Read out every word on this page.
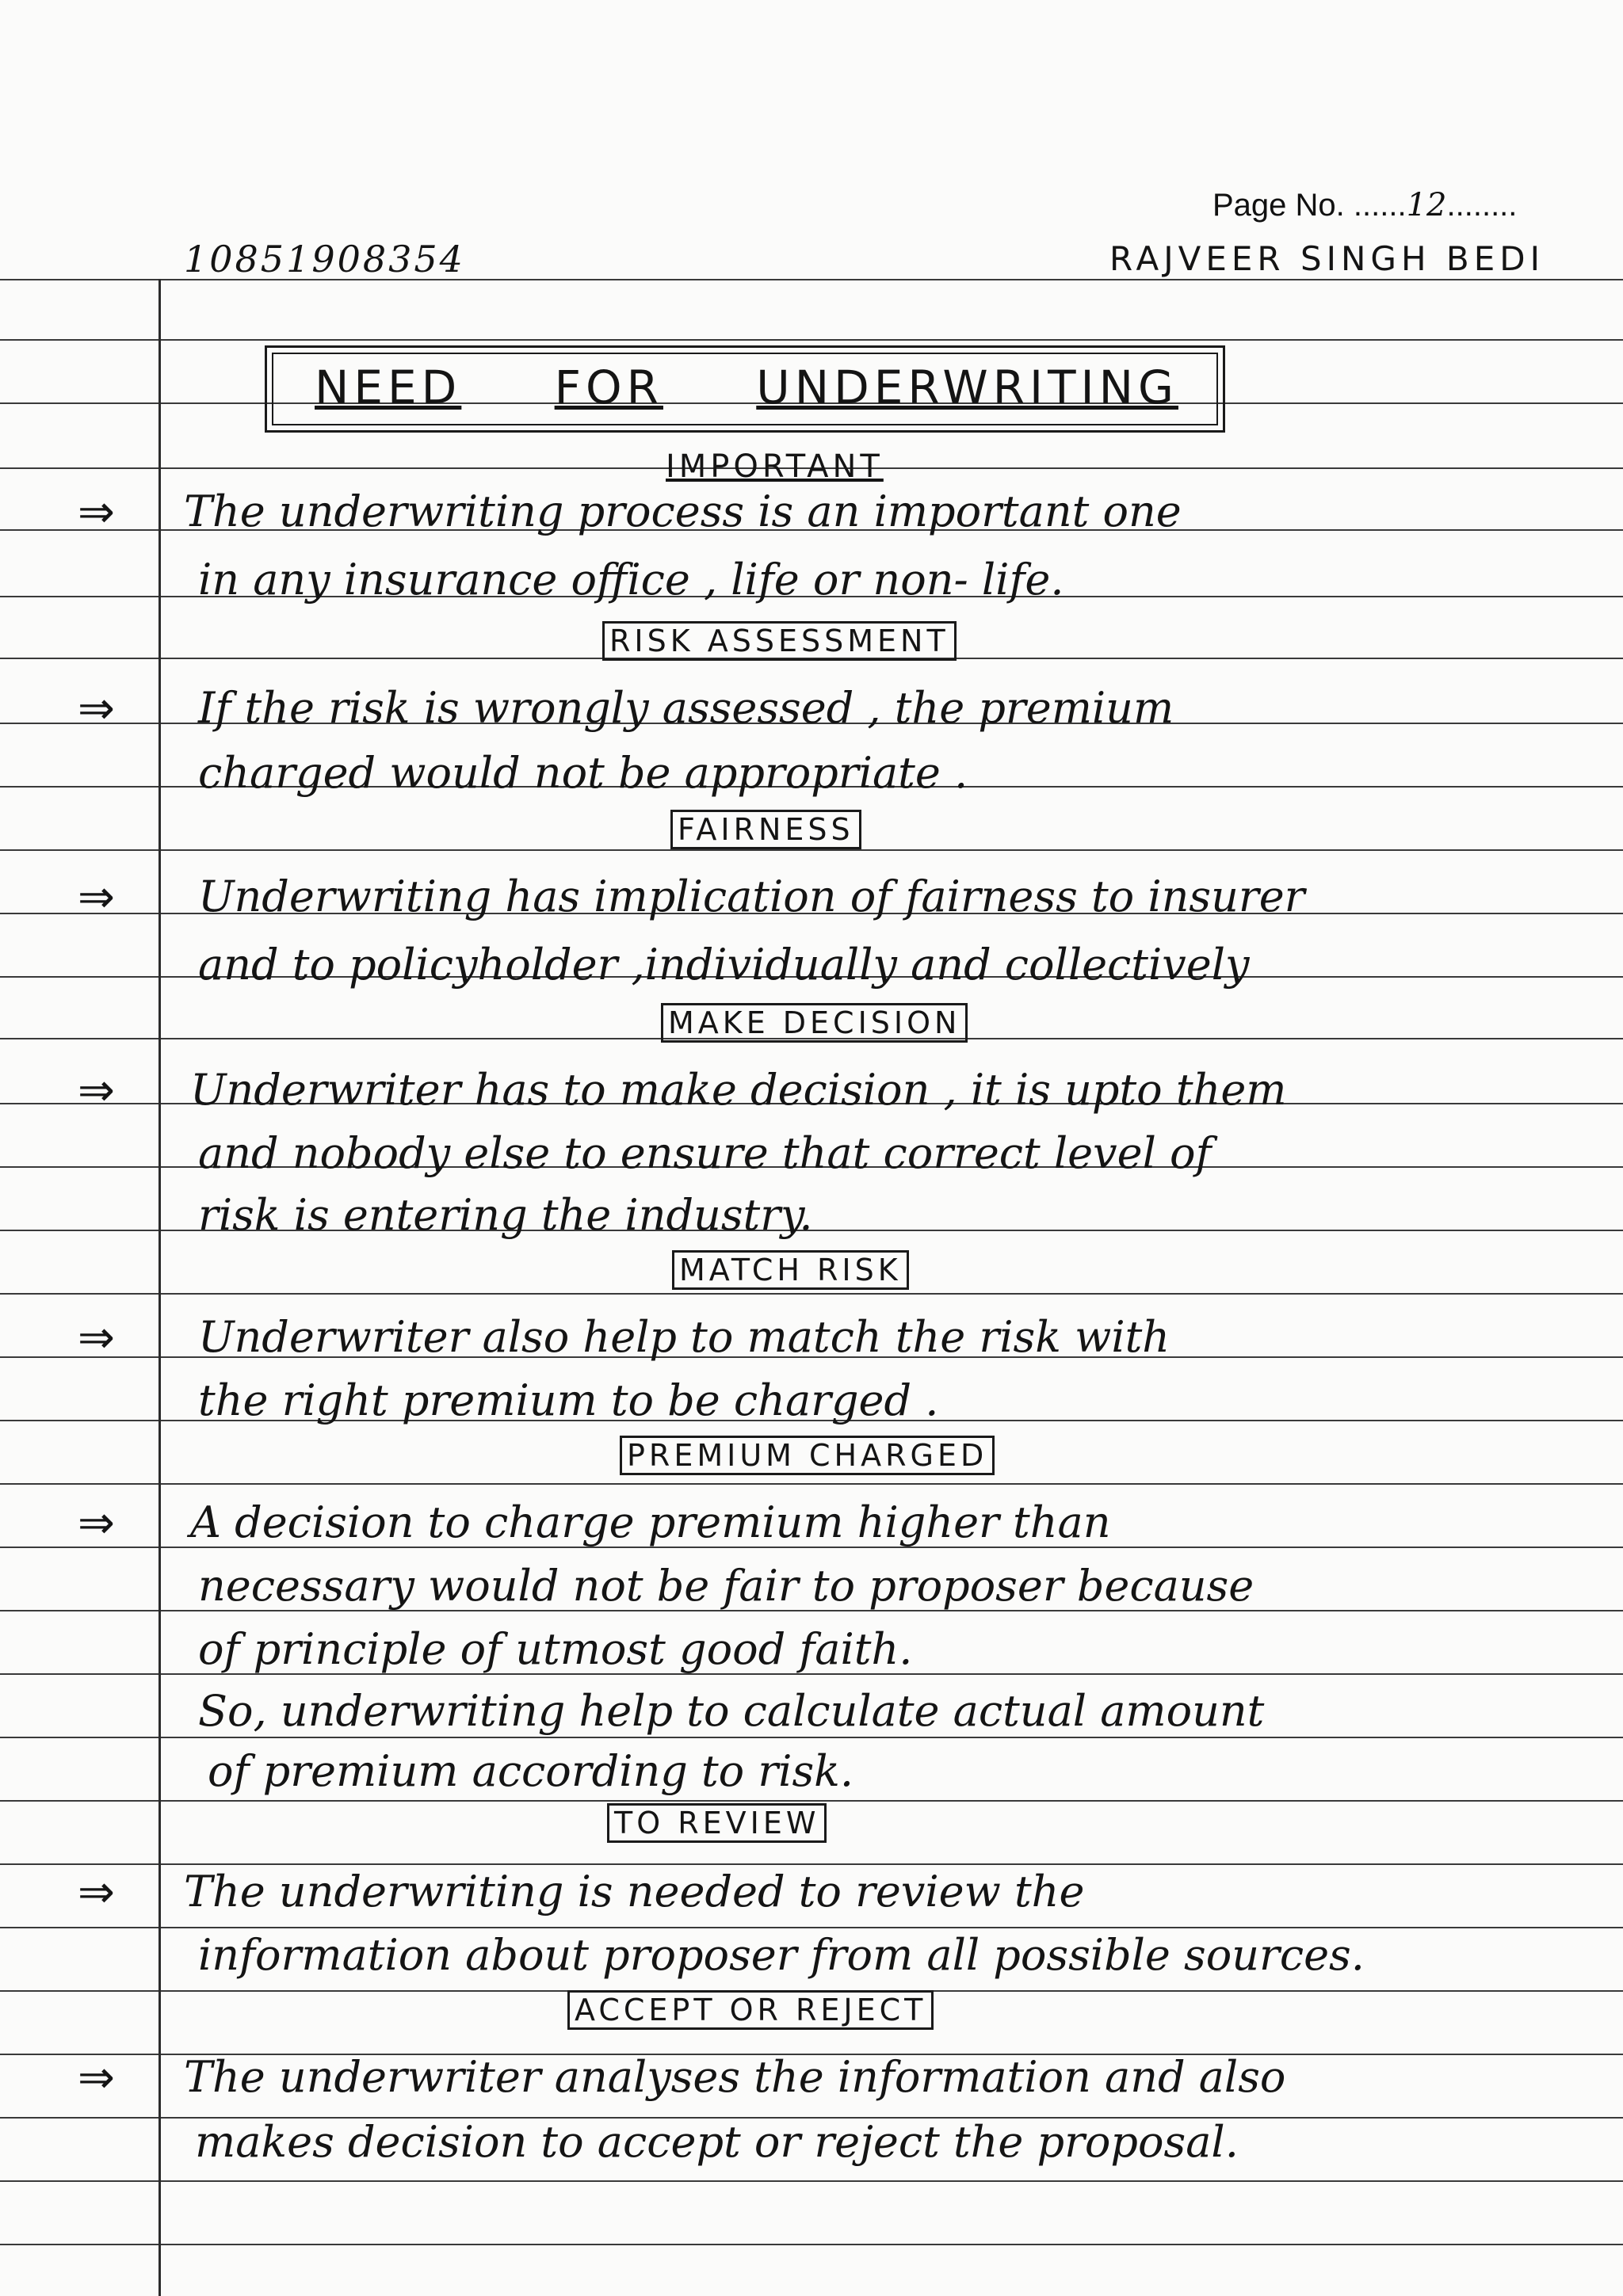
Page No. ......12........
10851908354	RAJVEER SINGH BEDI
NEED FOR UNDERWRITING
IMPORTANT
⇒ The underwriting process is an important one
in any insurance office , life or non- life.
RISK ASSESSMENT
⇒ If the risk is wrongly assessed , the premium
charged would not be appropriate .
FAIRNESS
⇒ Underwriting has implication of fairness to insurer
and to policyholder ,individually and collectively
MAKE DECISION
⇒ Underwriter has to make decision , it is upto them
and nobody else to ensure that correct level of
risk is entering the industry.
MATCH RISK
⇒ Underwriter also help to match the risk with
the right premium to be charged .
PREMIUM CHARGED
⇒ A decision to charge premium higher than
necessary would not be fair to proposer because
of principle of utmost good faith.
So, underwriting help to calculate actual amount
of premium according to risk.
TO REVIEW
⇒ The underwriting is needed to review the
information about proposer from all possible sources.
ACCEPT OR REJECT
⇒ The underwriter analyses the information and also
makes decision to accept or reject the proposal.
